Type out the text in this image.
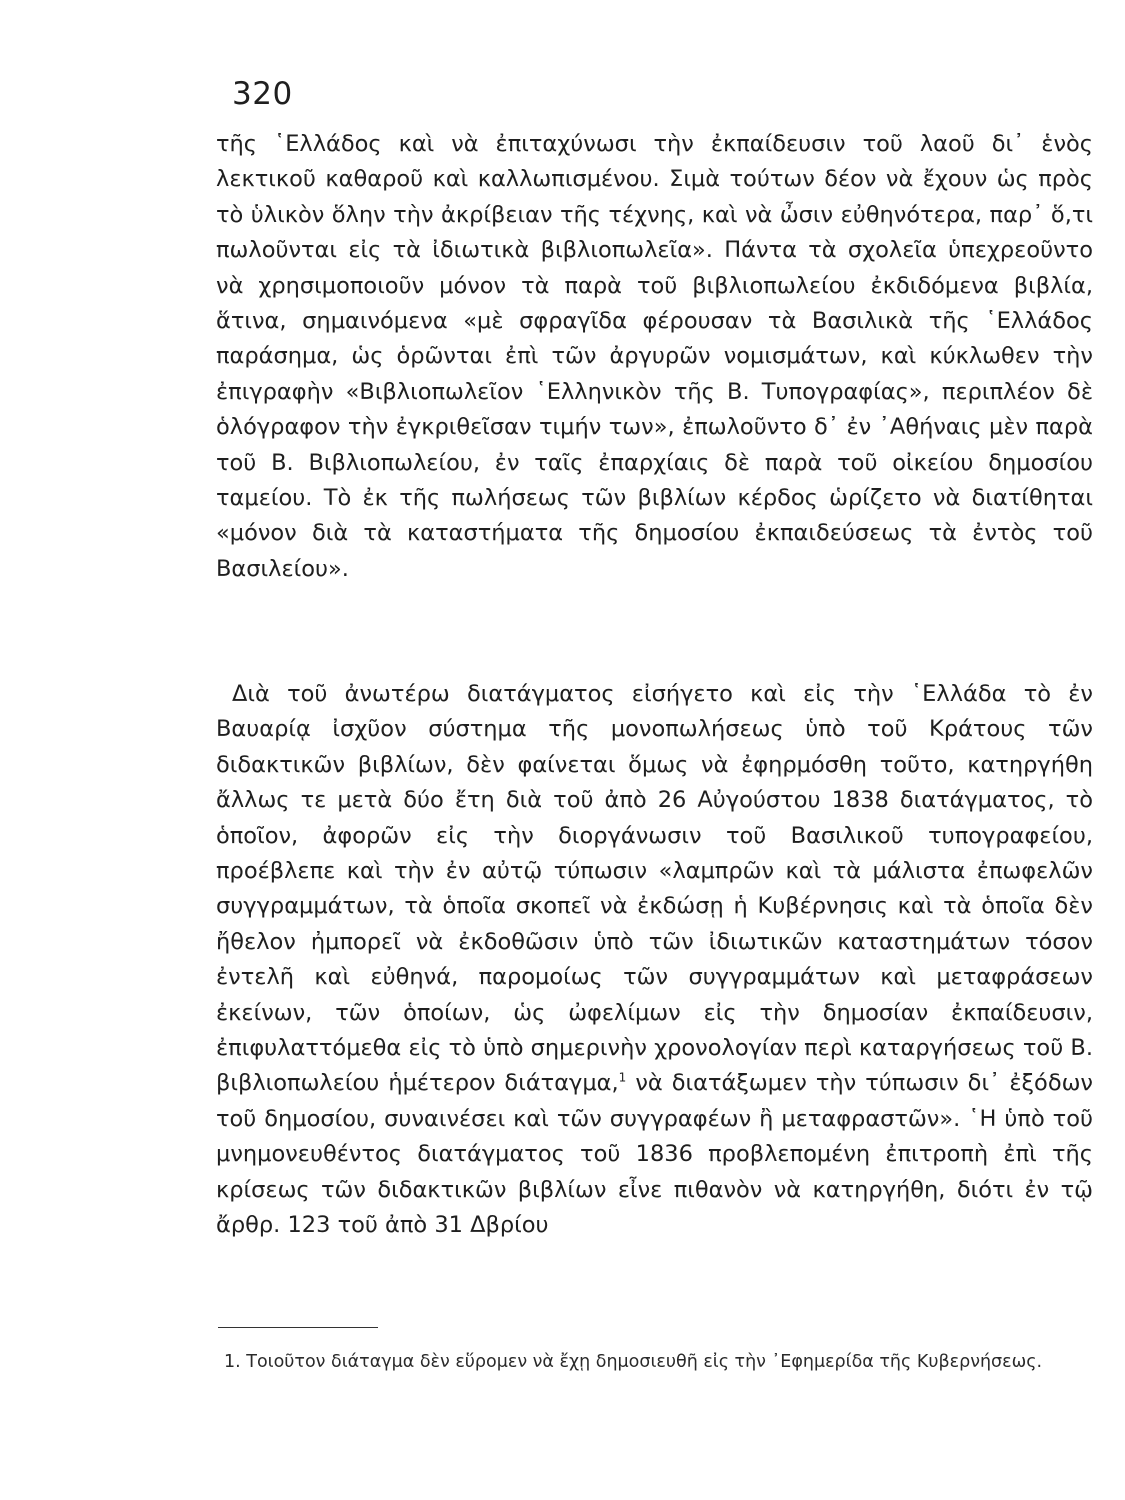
320

τῆς ῾Ελλάδος καὶ νὰ ἐπιταχύνωσι τὴν ἐκπαίδευσιν τοῦ λαοῦ δι᾽ ἑνὸς λεκτικοῦ καθαροῦ καὶ καλλωπισμένου. Σιμὰ τούτων δέον νὰ ἔχουν ὡς πρὸς τὸ ὑλικὸν ὅλην τὴν ἀκρίβειαν τῆς τέχνης, καὶ νὰ ὦσιν εὐθηνότερα, παρ᾽ ὅ,τι πωλοῦνται εἰς τὰ ἰδιωτικὰ βιβλιοπωλεῖα». Πάντα τὰ σχολεῖα ὑπεχρεοῦντο νὰ χρησιμοποιοῦν μόνον τὰ παρὰ τοῦ βιβλιοπωλείου ἐκδιδόμενα βιβλία, ἅτινα, σημαινόμενα «μὲ σφραγῖδα φέρουσαν τὰ Βασιλικὰ τῆς ῾Ελλάδος παράσημα, ὡς ὁρῶνται ἐπὶ τῶν ἀργυρῶν νομισμάτων, καὶ κύκλωθεν τὴν ἐπιγραφὴν «Βιβλιοπωλεῖον ῾Ελληνικὸν τῆς Β. Τυπογραφίας», περιπλέον δὲ ὁλόγραφον τὴν ἐγκριθεῖσαν τιμήν των», ἐπωλοῦντο δ᾽ ἐν ᾽Αθήναις μὲν παρὰ τοῦ Β. Βιβλιοπωλείου, ἐν ταῖς ἐπαρχίαις δὲ παρὰ τοῦ οἰκείου δημοσίου ταμείου. Τὸ ἐκ τῆς πωλήσεως τῶν βιβλίων κέρδος ὡρίζετο νὰ διατίθηται «μόνον διὰ τὰ καταστήματα τῆς δημοσίου ἐκπαιδεύσεως τὰ ἐντὸς τοῦ Βασιλείου».

Διὰ τοῦ ἀνωτέρω διατάγματος εἰσήγετο καὶ εἰς τὴν ῾Ελλάδα τὸ ἐν Βαυαρίᾳ ἰσχῦον σύστημα τῆς μονοπωλήσεως ὑπὸ τοῦ Κράτους τῶν διδακτικῶν βιβλίων, δὲν φαίνεται ὅμως νὰ ἐφηρμόσθη τοῦτο, κατηργήθη ἄλλως τε μετὰ δύο ἔτη διὰ τοῦ ἀπὸ 26 Αὐγούστου 1838 διατάγματος, τὸ ὁποῖον, ἀφορῶν εἰς τὴν διοργάνωσιν τοῦ Βασιλικοῦ τυπογραφείου, προέβλεπε καὶ τὴν ἐν αὐτῷ τύπωσιν «λαμπρῶν καὶ τὰ μάλιστα ἐπωφελῶν συγγραμμάτων, τὰ ὁποῖα σκοπεῖ νὰ ἐκδώσῃ ἡ Κυβέρνησις καὶ τὰ ὁποῖα δὲν ἤθελον ἠμπορεῖ νὰ ἐκδοθῶσιν ὑπὸ τῶν ἰδιωτικῶν καταστημάτων τόσον ἐντελῆ καὶ εὐθηνά, παρομοίως τῶν συγγραμμάτων καὶ μεταφράσεων ἐκείνων, τῶν ὁποίων, ὡς ὠφελίμων εἰς τὴν δημοσίαν ἐκπαίδευσιν, ἐπιφυλαττόμεθα εἰς τὸ ὑπὸ σημερινὴν χρονολογίαν περὶ καταργήσεως τοῦ Β. βιβλιοπωλείου ἡμέτερον διάταγμα,$^1$ νὰ διατάξωμεν τὴν τύπωσιν δι᾽ ἐξόδων τοῦ δημοσίου, συναινέσει καὶ τῶν συγγραφέων ἢ μεταφραστῶν». ῾Η ὑπὸ τοῦ μνημονευθέντος διατάγματος τοῦ 1836 προβλεπομένη ἐπιτροπὴ ἐπὶ τῆς κρίσεως τῶν διδακτικῶν βιβλίων εἶνε πιθανὸν νὰ κατηργήθη, διότι ἐν τῷ ἄρθρ. 123 τοῦ ἀπὸ 31 Δβρίου

1. Τοιοῦτον διάταγμα δὲν εὕρομεν νὰ ἔχῃ δημοσιευθῆ εἰς τὴν ᾽Εφημερίδα τῆς Κυβερνήσεως.
